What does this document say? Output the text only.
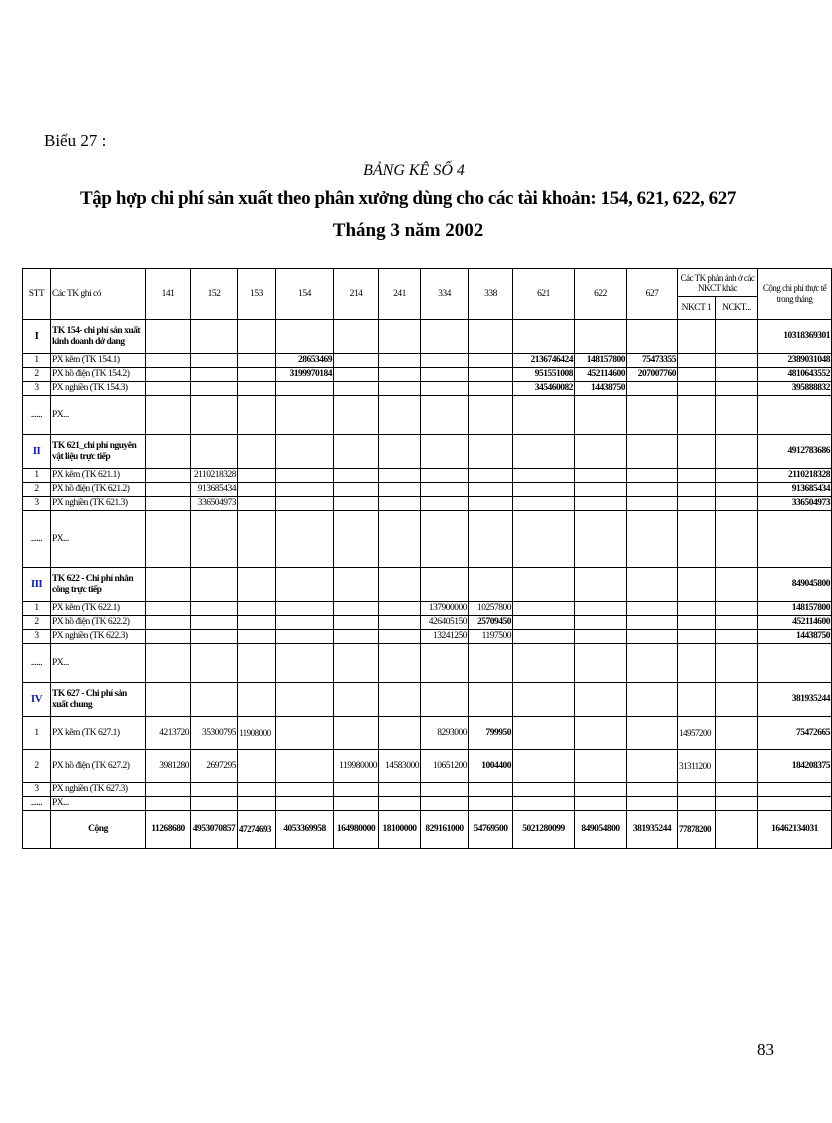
Biểu 27 :
BẢNG KÊ SỐ 4
Tập hợp chi phí sản xuất theo phân xưởng dùng cho các tài khoản: 154, 621, 622, 627
Tháng 3 năm 2002
STT	Các TK ghi có	141	152	153	154	214	241	334	338	621	622	627	Các TK phản ánh ở các NKCT khác		Cộng chi phí thực tế trong tháng
													NKCT 1	NCKT...	
I	TK 154- chi phí sản xuất kinh doanh dở dang														10318369301
1	PX kẽm (TK 154.1)				28653469					2136746424	148157800	75473355			2389031048
2	PX hồ điện (TK 154.2)				3199970184					951551008	452114600	207007760			4810643552
3	PX nghiền (TK 154.3)									345460082	14438750				395888832
......	PX...														
II	TK 621_chi phí nguyên vật liệu trực tiếp														4912783686
1	PX kẽm (TK 621.1)		2110218328												2110218328
2	PX hồ điện (TK 621.2)		913685434												913685434
3	PX nghiền (TK 621.3)		336504973												336504973
......	PX...														
III	TK 622 - Chi phí nhân công trực tiếp														849045800
1	PX kẽm (TK 622.1)							137900000	10257800						148157800
2	PX hồ điện (TK 622.2)							426405150	25709450						452114600
3	PX nghiền (TK 622.3)							13241250	1197500						14438750
......	PX...														
IV	TK 627 - Chi phí sản xuất chung														381935244
1	PX kẽm (TK 627.1)	4213720	35300795	11908000				8293000	799950				14957200		75472665
2	PX hồ điện (TK 627.2)	3981280	2697295			119980000	14583000	10651200	1004400				31311200		184208375
3	PX nghiền (TK 627.3)														
......	PX...														
	Cộng	11268680	4953070857	47274693	4053369958	164980000	18100000	829161000	54769500	5021280099	849054800	381935244	77878200		16462134031
83
